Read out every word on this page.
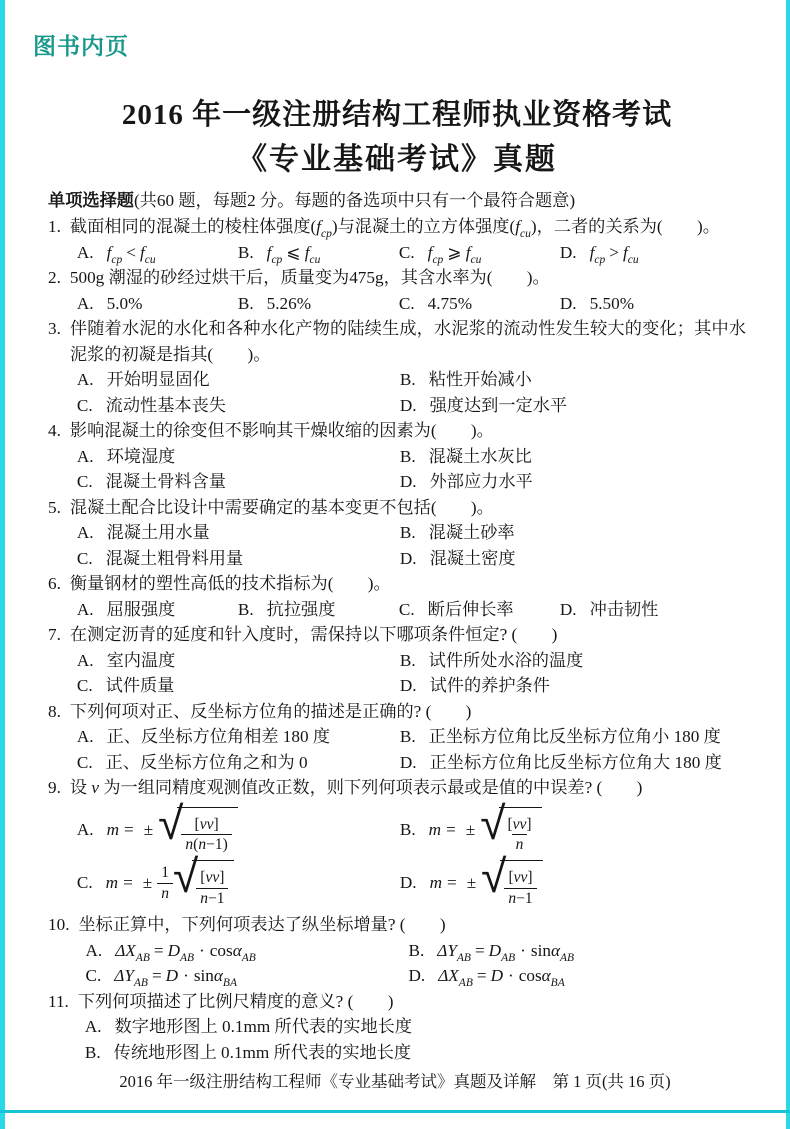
图书内页
2016 年一级注册结构工程师执业资格考试
《专业基础考试》真题
单项选择题(共60 题，每题2 分。每题的备选项中只有一个最符合题意)
1. 截面相同的混凝土的棱柱体强度$(f_{cp})$与混凝土的立方体强度$(f_{cu})$，二者的关系为(　　)。
A. $f_{cp} < f_{cu}$	B. $f_{cp}$ ⩽ $f_{cu}$	C. $f_{cp}$ ⩾ $f_{cu}$	D. $f_{cp} > f_{cu}$
2. 500g 潮湿的砂经过烘干后，质量变为475g，其含水率为(　　)。
A. 5.0%	B. 5.26%	C. 4.75%	D. 5.50%
3. 伴随着水泥的水化和各种水化产物的陆续生成，水泥浆的流动性发生较大的变化；其中水泥浆的初凝是指其(　　)。
A. 开始明显固化	B. 粘性开始减小
C. 流动性基本丧失	D. 强度达到一定水平
4. 影响混凝土的徐变但不影响其干燥收缩的因素为(　　)。
A. 环境湿度	B. 混凝土水灰比
C. 混凝土骨料含量	D. 外部应力水平
5. 混凝土配合比设计中需要确定的基本变更不包括(　　)。
A. 混凝土用水量	B. 混凝土砂率
C. 混凝土粗骨料用量	D. 混凝土密度
6. 衡量钢材的塑性高低的技术指标为(　　)。
A. 屈服强度	B. 抗拉强度	C. 断后伸长率	D. 冲击韧性
7. 在测定沥青的延度和针入度时，需保持以下哪项条件恒定? (　　)
A. 室内温度	B. 试件所处水浴的温度
C. 试件质量	D. 试件的养护条件
8. 下列何项对正、反坐标方位角的描述是正确的? (　　)
A. 正、反坐标方位角相差 180 度	B. 正坐标方位角比反坐标方位角小 180 度
C. 正、反坐标方位角之和为 0	D. 正坐标方位角比反坐标方位角大 180 度
9. 设 v 为一组同精度观测值改正数，则下列何项表示最或是值的中误差? (　　)
A. m = ± √
$\frac{[vv]}{n(n-1)}$	B. m = ± √
$\frac{[vv]}{n}$
C. m = ± $\frac{1}{n}$ √
$\frac{[vv]}{n-1}$	D. m = ± √
$\frac{[vv]}{n-1}$
10. 坐标正算中，下列何项表达了纵坐标增量? (　　)
A. $\Delta X_{AB} = D_{AB} \cdot \cos\alpha_{AB}$	B. $\Delta Y_{AB} = D_{AB} \cdot \sin\alpha_{AB}$
C. $\Delta Y_{AB} = D \cdot \sin\alpha_{BA}$	D. $\Delta X_{AB} = D \cdot \cos\alpha_{BA}$
11. 下列何项描述了比例尺精度的意义? (　　)
A. 数字地形图上 0.1mm 所代表的实地长度
B. 传统地形图上 0.1mm 所代表的实地长度
2016 年一级注册结构工程师《专业基础考试》真题及详解　第 1 页(共 16 页)
